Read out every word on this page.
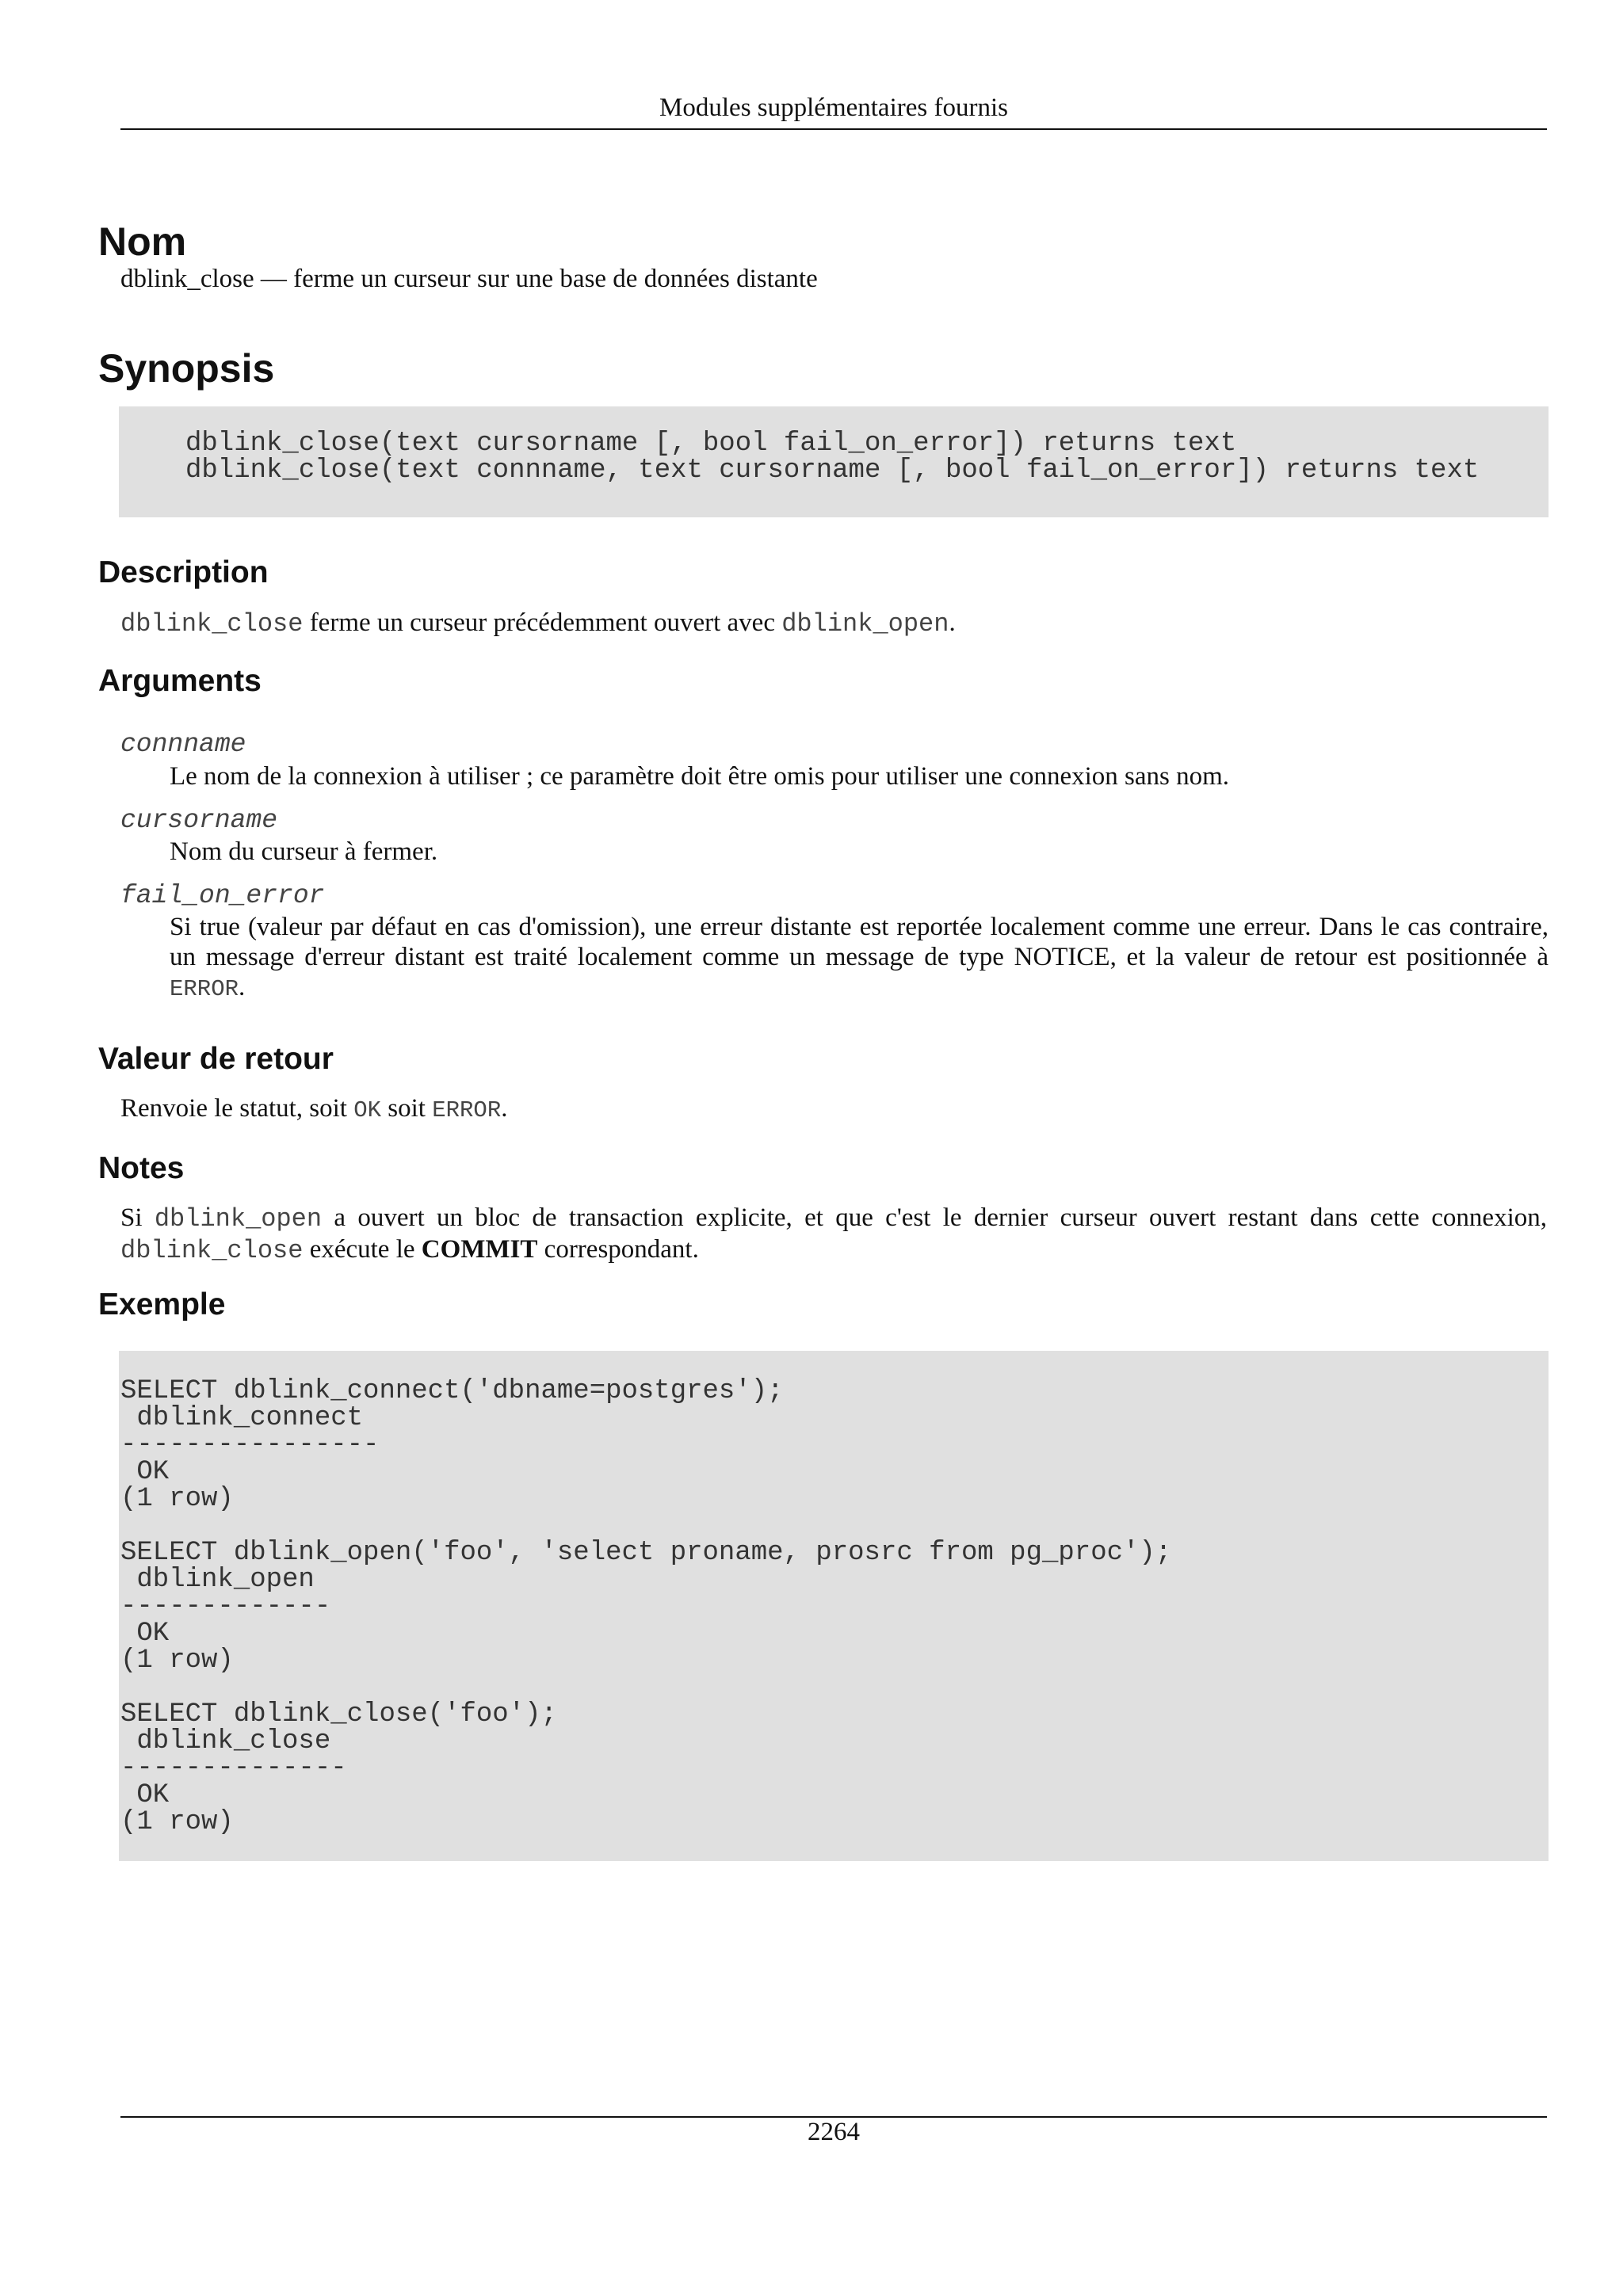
Modules supplémentaires fournis
Nom
dblink_close — ferme un curseur sur une base de données distante
Synopsis
dblink_close(text cursorname [, bool fail_on_error]) returns text
dblink_close(text connname, text cursorname [, bool fail_on_error]) returns text
Description
dblink_close ferme un curseur précédemment ouvert avec dblink_open.
Arguments
connname
Le nom de la connexion à utiliser ; ce paramètre doit être omis pour utiliser une connexion sans nom.
cursorname
Nom du curseur à fermer.
fail_on_error
Si true (valeur par défaut en cas d'omission), une erreur distante est reportée localement comme une erreur. Dans le cas contraire, un message d'erreur distant est traité localement comme un message de type NOTICE, et la valeur de retour est positionnée à ERROR.
Valeur de retour
Renvoie le statut, soit OK soit ERROR.
Notes
Si dblink_open a ouvert un bloc de transaction explicite, et que c'est le dernier curseur ouvert restant dans cette connexion, dblink_close exécute le COMMIT correspondant.
Exemple
SELECT dblink_connect('dbname=postgres');
dblink_connect
----------------
OK
(1 row)

SELECT dblink_open('foo', 'select proname, prosrc from pg_proc');
dblink_open
-------------
OK
(1 row)

SELECT dblink_close('foo');
dblink_close
--------------
OK
(1 row)
2264
